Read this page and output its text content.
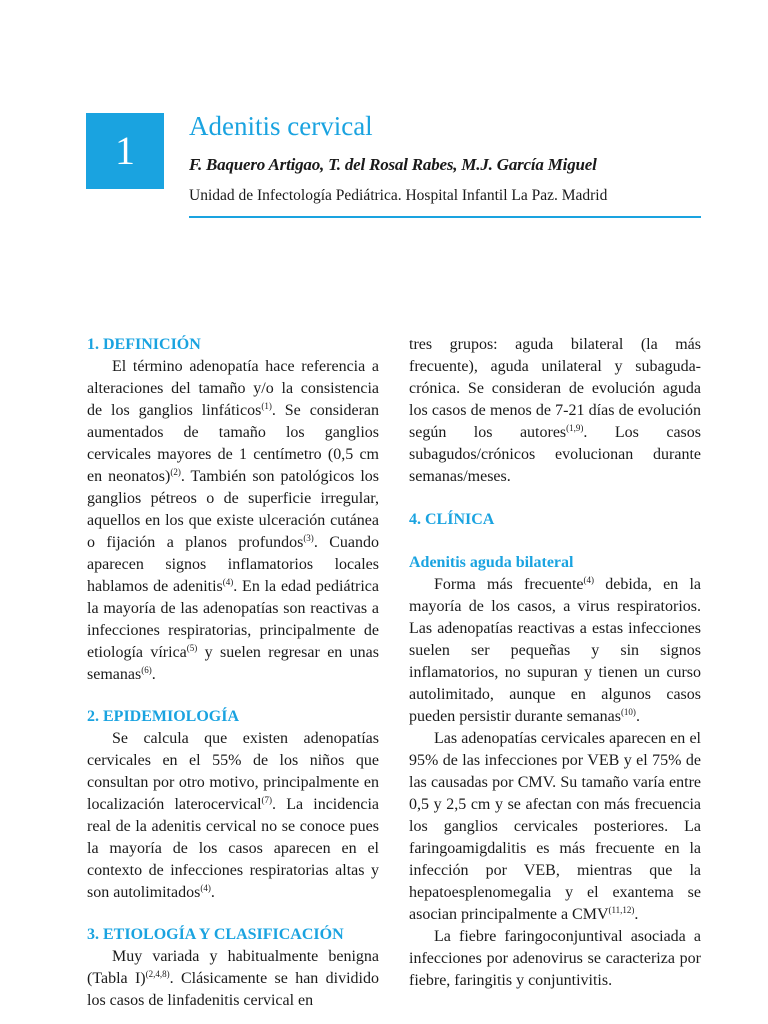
1
Adenitis cervical
F. Baquero Artigao, T. del Rosal Rabes, M.J. García Miguel
Unidad de Infectología Pediátrica. Hospital Infantil La Paz. Madrid
1. DEFINICIÓN

El término adenopatía hace referencia a alteraciones del tamaño y/o la consistencia de los ganglios linfáticos$^{(1)}$. Se consideran aumentados de tamaño los ganglios cervicales mayores de 1 centímetro (0,5 cm en neonatos)$^{(2)}$. También son patológicos los ganglios pétreos o de superficie irregular, aquellos en los que existe ulceración cutánea o fijación a planos profundos$^{(3)}$. Cuando aparecen signos inflamatorios locales hablamos de adenitis$^{(4)}$. En la edad pediátrica la mayoría de las adenopatías son reactivas a infecciones respiratorias, principalmente de etiología vírica$^{(5)}$ y suelen regresar en unas semanas$^{(6)}$.

2. EPIDEMIOLOGÍA

Se calcula que existen adenopatías cervicales en el 55% de los niños que consultan por otro motivo, principalmente en localización laterocervical$^{(7)}$. La incidencia real de la adenitis cervical no se conoce pues la mayoría de los casos aparecen en el contexto de infecciones respiratorias altas y son autolimitados$^{(4)}$.

3. ETIOLOGÍA Y CLASIFICACIÓN

Muy variada y habitualmente benigna (Tabla I)$^{(2,4,8)}$. Clásicamente se han dividido los casos de linfadenitis cervical en

tres grupos: aguda bilateral (la más frecuente), aguda unilateral y subaguda-crónica. Se consideran de evolución aguda los casos de menos de 7-21 días de evolución según los autores$^{(1,9)}$. Los casos subagudos/crónicos evolucionan durante semanas/meses.

4. CLÍNICA
Adenitis aguda bilateral

Forma más frecuente$^{(4)}$ debida, en la mayoría de los casos, a virus respiratorios. Las adenopatías reactivas a estas infecciones suelen ser pequeñas y sin signos inflamatorios, no supuran y tienen un curso autolimitado, aunque en algunos casos pueden persistir durante semanas$^{(10)}$.

Las adenopatías cervicales aparecen en el 95% de las infecciones por VEB y el 75% de las causadas por CMV. Su tamaño varía entre 0,5 y 2,5 cm y se afectan con más frecuencia los ganglios cervicales posteriores. La faringoamigdalitis es más frecuente en la infección por VEB, mientras que la hepatoesplenomegalia y el exantema se asocian principalmente a CMV$^{(11,12)}$.

La fiebre faringoconjuntival asociada a infecciones por adenovirus se caracteriza por fiebre, faringitis y conjuntivitis.
